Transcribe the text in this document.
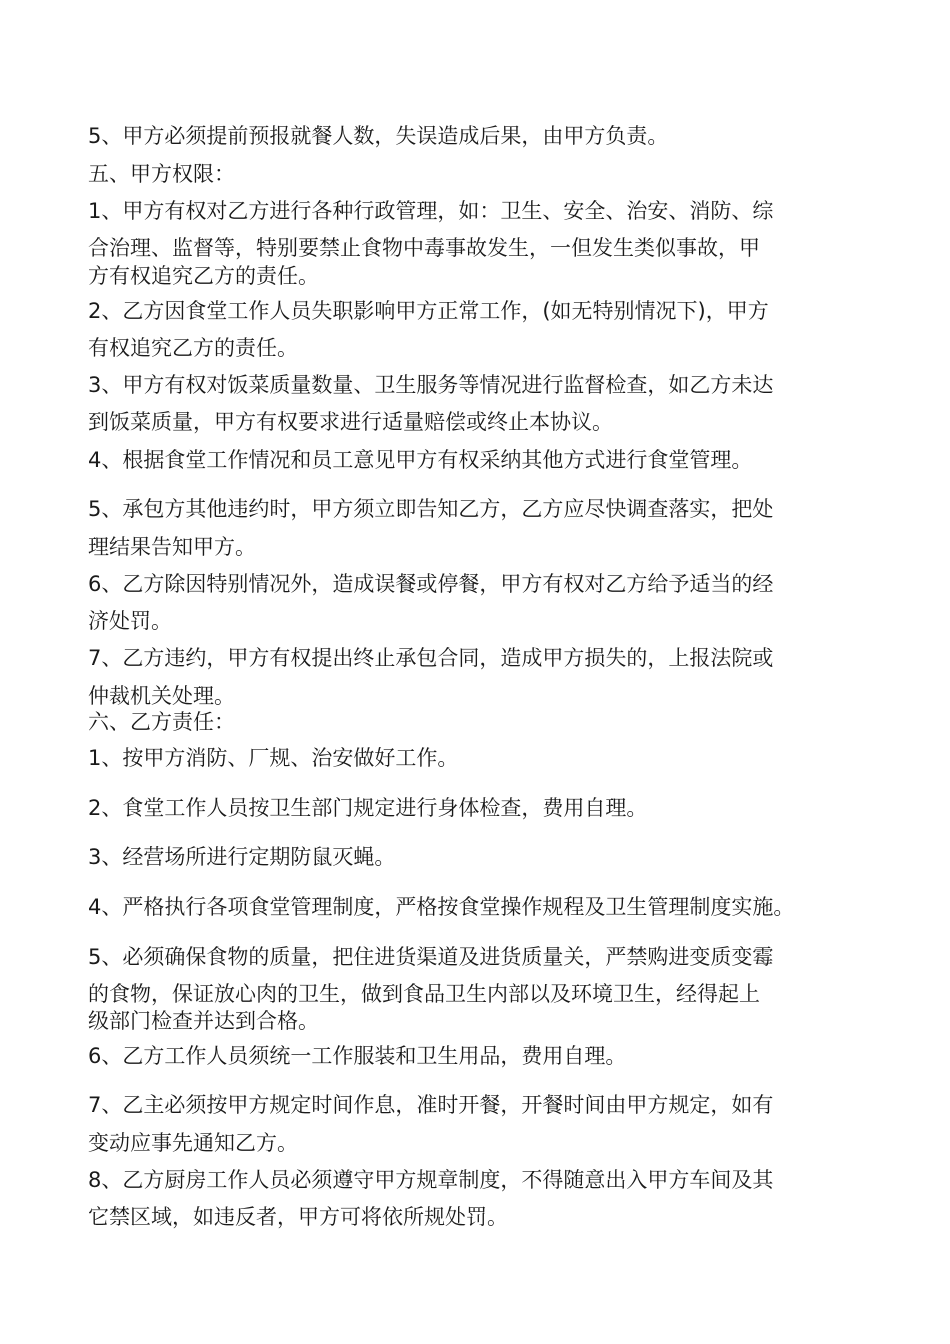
5、甲方必须提前预报就餐人数，失误造成后果，由甲方负责。
五、甲方权限：
1、甲方有权对乙方进行各种行政管理，如：卫生、安全、治安、消防、综
合治理、监督等，特别要禁止食物中毒事故发生，一但发生类似事故，甲
方有权追究乙方的责任。
2、乙方因食堂工作人员失职影响甲方正常工作，(如无特别情况下)，甲方
有权追究乙方的责任。
3、甲方有权对饭菜质量数量、卫生服务等情况进行监督检查，如乙方未达
到饭菜质量，甲方有权要求进行适量赔偿或终止本协议。
4、根据食堂工作情况和员工意见甲方有权采纳其他方式进行食堂管理。
5、承包方其他违约时，甲方须立即告知乙方，乙方应尽快调查落实，把处
理结果告知甲方。
6、乙方除因特别情况外，造成误餐或停餐，甲方有权对乙方给予适当的经
济处罚。
7、乙方违约，甲方有权提出终止承包合同，造成甲方损失的，上报法院或
仲裁机关处理。
六、乙方责任：
1、按甲方消防、厂规、治安做好工作。
2、食堂工作人员按卫生部门规定进行身体检查，费用自理。
3、经营场所进行定期防鼠灭蝇。
4、严格执行各项食堂管理制度，严格按食堂操作规程及卫生管理制度实施。
5、必须确保食物的质量，把住进货渠道及进货质量关，严禁购进变质变霉
的食物，保证放心肉的卫生，做到食品卫生内部以及环境卫生，经得起上
级部门检查并达到合格。
6、乙方工作人员须统一工作服装和卫生用品，费用自理。
7、乙主必须按甲方规定时间作息，准时开餐，开餐时间由甲方规定，如有
变动应事先通知乙方。
8、乙方厨房工作人员必须遵守甲方规章制度，不得随意出入甲方车间及其
它禁区域，如违反者，甲方可将依所规处罚。
